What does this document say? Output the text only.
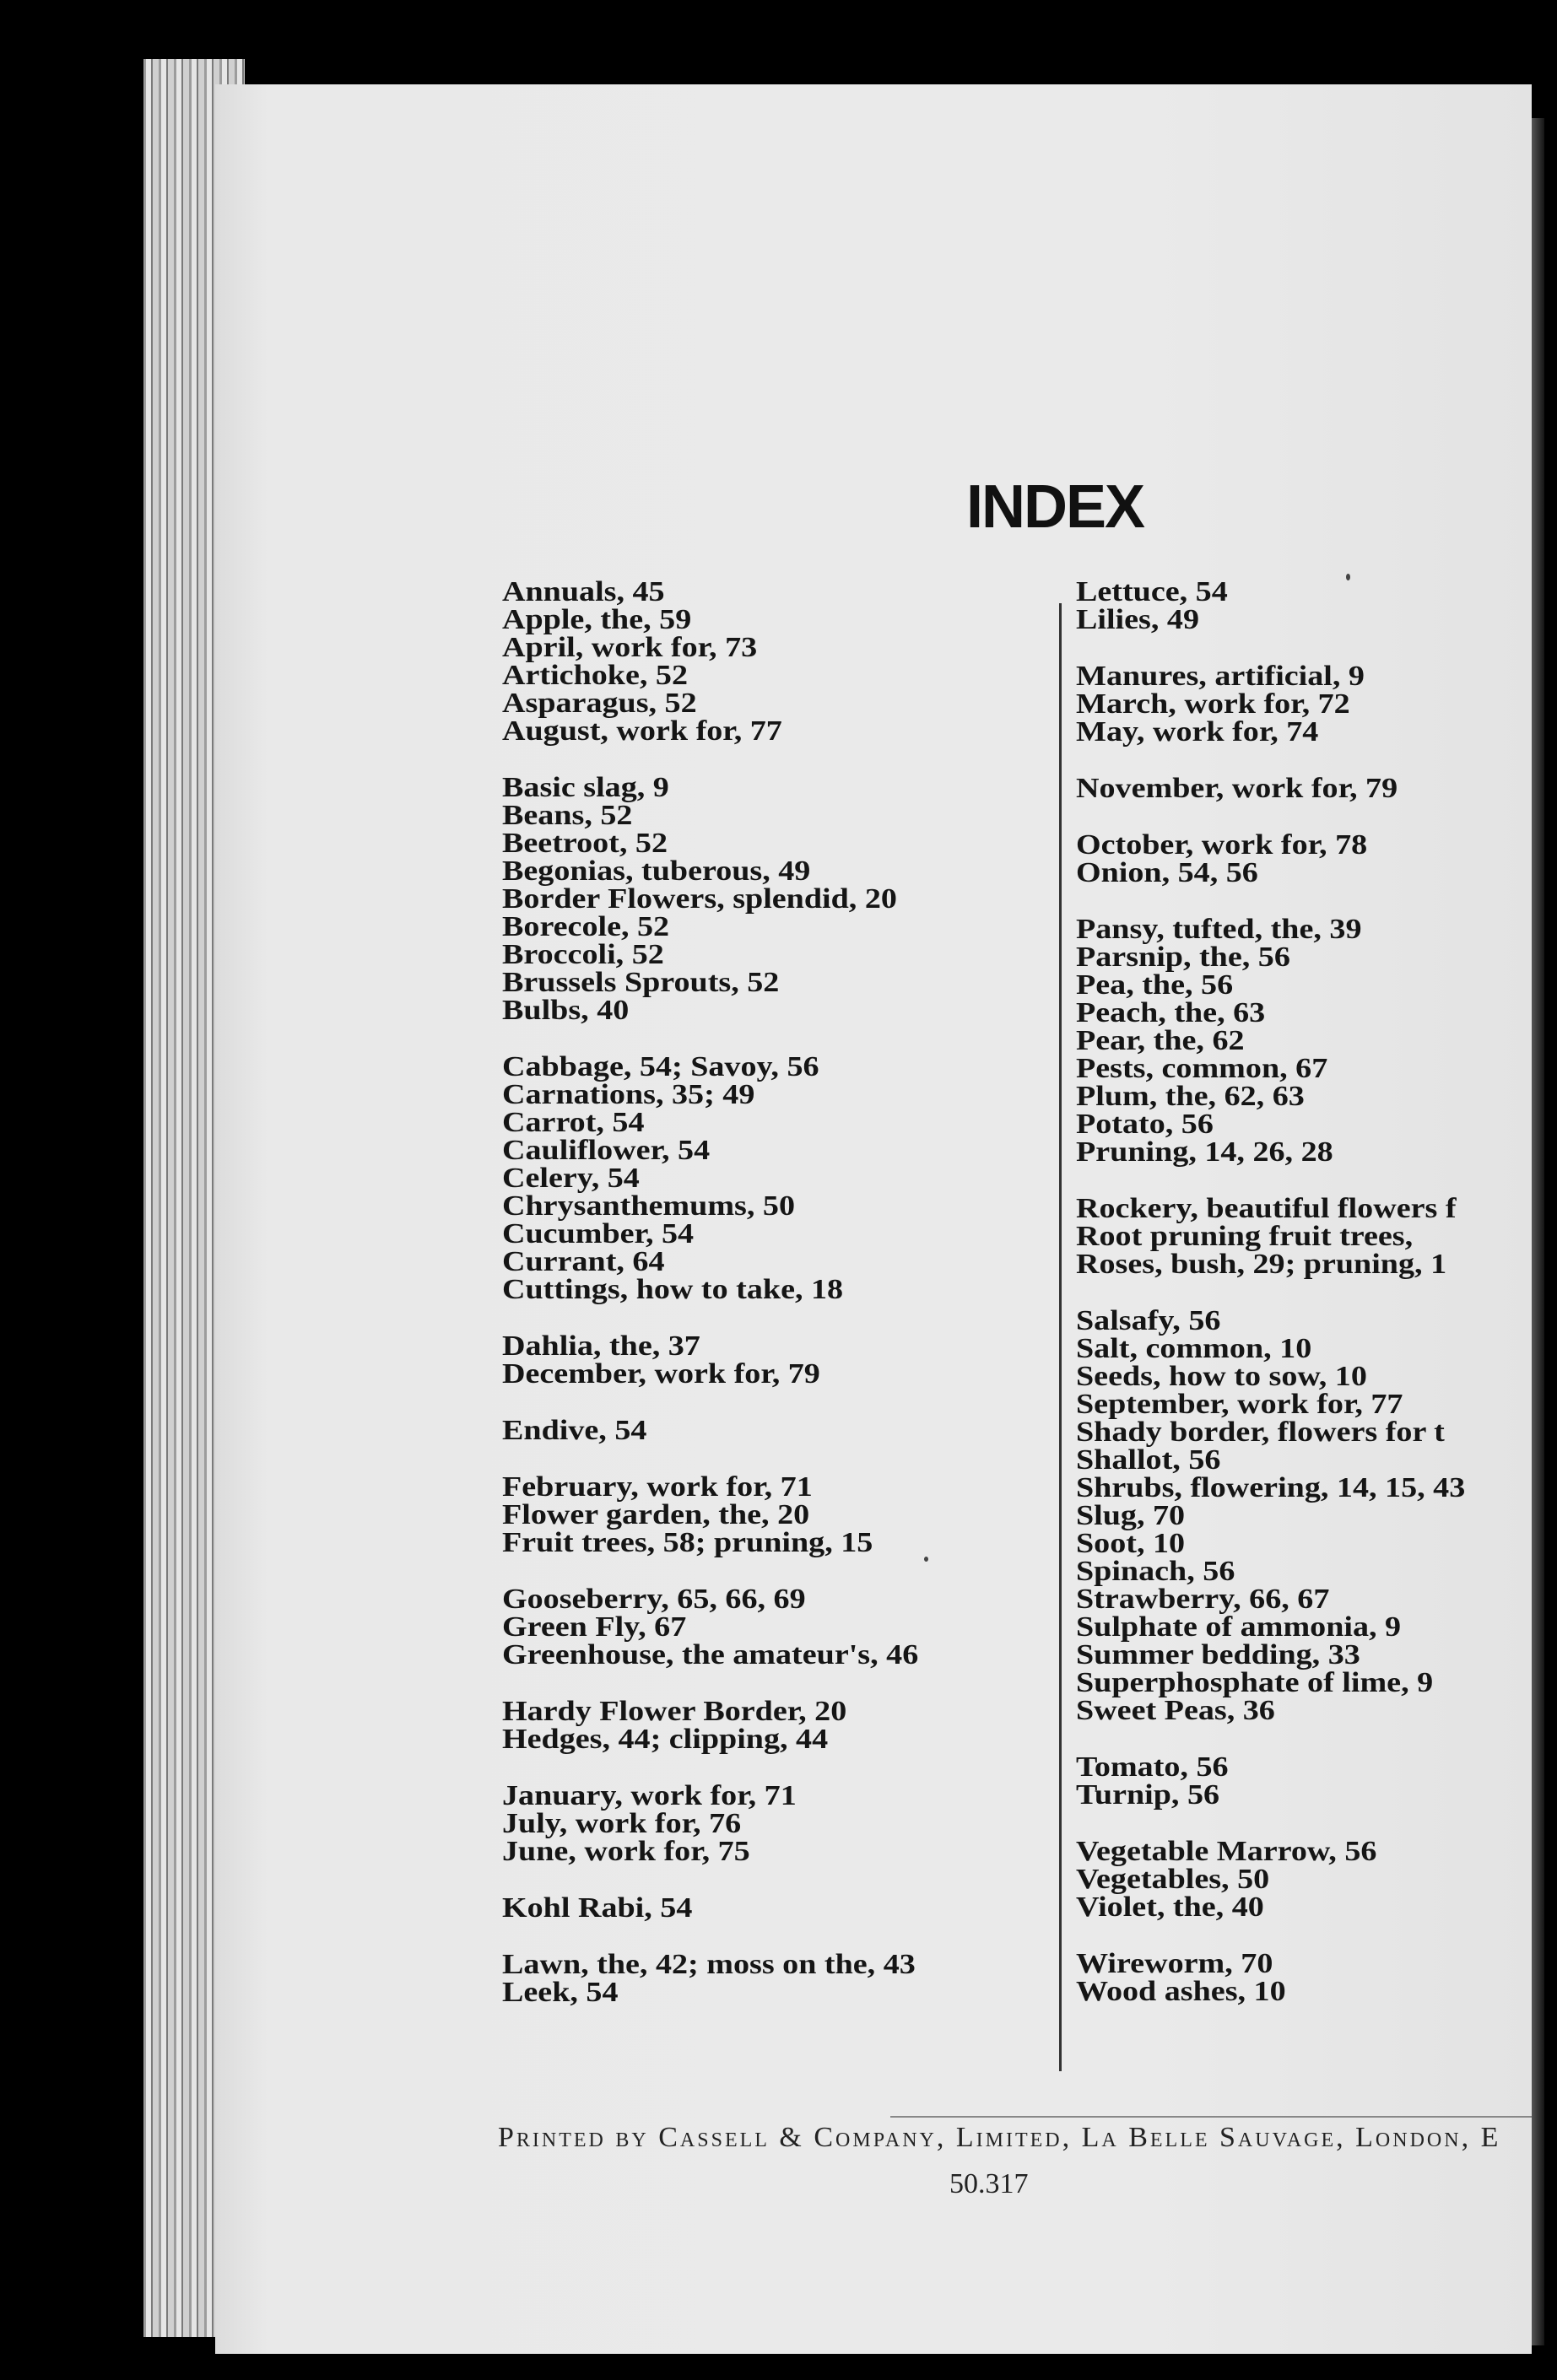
INDEX
Annuals, 45
Apple, the, 59
April, work for, 73
Artichoke, 52
Asparagus, 52
August, work for, 77
Basic slag, 9
Beans, 52
Beetroot, 52
Begonias, tuberous, 49
Border Flowers, splendid, 20
Borecole, 52
Broccoli, 52
Brussels Sprouts, 52
Bulbs, 40
Cabbage, 54; Savoy, 56
Carnations, 35; 49
Carrot, 54
Cauliflower, 54
Celery, 54
Chrysanthemums, 50
Cucumber, 54
Currant, 64
Cuttings, how to take, 18
Dahlia, the, 37
December, work for, 79
Endive, 54
February, work for, 71
Flower garden, the, 20
Fruit trees, 58; pruning, 15
Gooseberry, 65, 66, 69
Green Fly, 67
Greenhouse, the amateur's, 46
Hardy Flower Border, 20
Hedges, 44; clipping, 44
January, work for, 71
July, work for, 76
June, work for, 75
Kohl Rabi, 54
Lawn, the, 42; moss on the, 43
Leek, 54
Lettuce, 54
Lilies, 49
Manures, artificial, 9
March, work for, 72
May, work for, 74
November, work for, 79
October, work for, 78
Onion, 54, 56
Pansy, tufted, the, 39
Parsnip, the, 56
Pea, the, 56
Peach, the, 63
Pear, the, 62
Pests, common, 67
Plum, the, 62, 63
Potato, 56
Pruning, 14, 26, 28
Rockery, beautiful flowers f
Root pruning fruit trees,
Roses, bush, 29; pruning, 1
Salsafy, 56
Salt, common, 10
Seeds, how to sow, 10
September, work for, 77
Shady border, flowers for t
Shallot, 56
Shrubs, flowering, 14, 15, 43
Slug, 70
Soot, 10
Spinach, 56
Strawberry, 66, 67
Sulphate of ammonia, 9
Summer bedding, 33
Superphosphate of lime, 9
Sweet Peas, 36
Tomato, 56
Turnip, 56
Vegetable Marrow, 56
Vegetables, 50
Violet, the, 40
Wireworm, 70
Wood ashes, 10

Printed by Cassell & Company, Limited, La Belle Sauvage, London, E

50.317
